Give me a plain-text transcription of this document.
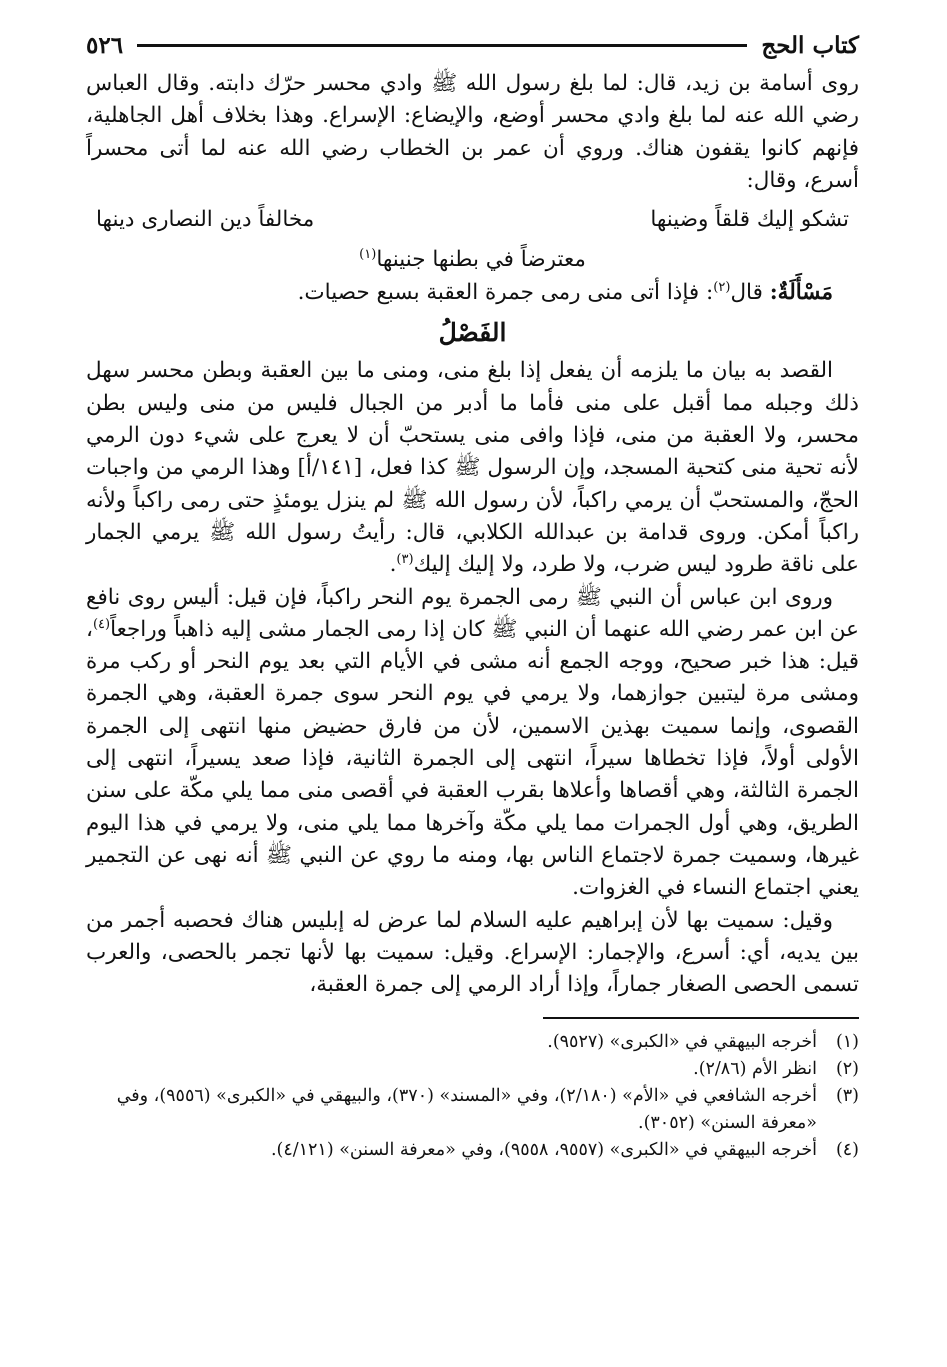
كتاب الحج
٥٢٦

روى أسامة بن زيد، قال: لما بلغ رسول الله ﷺ وادي محسر حرّك دابته. وقال العباس رضي الله عنه لما بلغ وادي محسر أوضع، والإيضاع: الإسراع. وهذا بخلاف أهل الجاهلية، فإنهم كانوا يقفون هناك. وروي أن عمر بن الخطاب رضي الله عنه لما أتى محسراً أسرع، وقال:

تشكو إليك قلقاً وضينها
مخالفاً دين النصارى دينها
معترضاً في بطنها جنينها$^{(١)}$

مَسْأَلَةٌ: قال$^{(٢)}$: فإذا أتى منى رمى جمرة العقبة بسبع حصيات.

الفَصْلُ

القصد به بيان ما يلزمه أن يفعل إذا بلغ منى، ومنى ما بين العقبة وبطن محسر سهل ذلك وجبله مما أقبل على منى فأما ما أدبر من الجبال فليس من منى وليس بطن محسر، ولا العقبة من منى، فإذا وافى منى يستحبّ أن لا يعرج على شيء دون الرمي لأنه تحية منى كتحية المسجد، وإن الرسول ﷺ كذا فعل، [١٤١/أ] وهذا الرمي من واجبات الحجّ، والمستحبّ أن يرمي راكباً، لأن رسول الله ﷺ لم ينزل يومئذٍ حتى رمى راكباً ولأنه راكباً أمكن. وروى قدامة بن عبدالله الكلابي، قال: رأيتُ رسول الله ﷺ يرمي الجمار على ناقة طرود ليس ضرب، ولا طرد، ولا إليك إليك$^{(٣)}$.

وروى ابن عباس أن النبي ﷺ رمى الجمرة يوم النحر راكباً، فإن قيل: أليس روى نافع عن ابن عمر رضي الله عنهما أن النبي ﷺ كان إذا رمى الجمار مشى إليه ذاهباً وراجعاً$^{(٤)}$، قيل: هذا خبر صحيح، ووجه الجمع أنه مشى في الأيام التي بعد يوم النحر أو ركب مرة ومشى مرة ليتبين جوازهما، ولا يرمي في يوم النحر سوى جمرة العقبة، وهي الجمرة القصوى، وإنما سميت بهذين الاسمين، لأن من فارق حضيض منها انتهى إلى الجمرة الأولى أولاً، فإذا تخطاها سيراً، انتهى إلى الجمرة الثانية، فإذا صعد يسيراً، انتهى إلى الجمرة الثالثة، وهي أقصاها وأعلاها بقرب العقبة في أقصى منى مما يلي مكّة على سنن الطريق، وهي أول الجمرات مما يلي مكّة وآخرها مما يلي منى، ولا يرمي في هذا اليوم غيرها، وسميت جمرة لاجتماع الناس بها، ومنه ما روي عن النبي ﷺ أنه نهى عن التجمير يعني اجتماع النساء في الغزوات.

وقيل: سميت بها لأن إبراهيم عليه السلام لما عرض له إبليس هناك فحصبه أجمر من بين يديه، أي: أسرع، والإجمار: الإسراع. وقيل: سميت بها لأنها تجمر بالحصى، والعرب تسمى الحصى الصغار جماراً، وإذا أراد الرمي إلى جمرة العقبة،

(١)
أخرجه البيهقي في «الكبرى» (٩٥٢٧).
(٢)
انظر الأم (٢/٨٦).
(٣)
أخرجه الشافعي في «الأم» (٢/١٨٠)، وفي «المسند» (٣٧٠)، والبيهقي في «الكبرى» (٩٥٥٦)، وفي «معرفة السنن» (٣٠٥٢).
(٤)
أخرجه البيهقي في «الكبرى» (٩٥٥٧، ٩٥٥٨)، وفي «معرفة السنن» (٤/١٢١).
